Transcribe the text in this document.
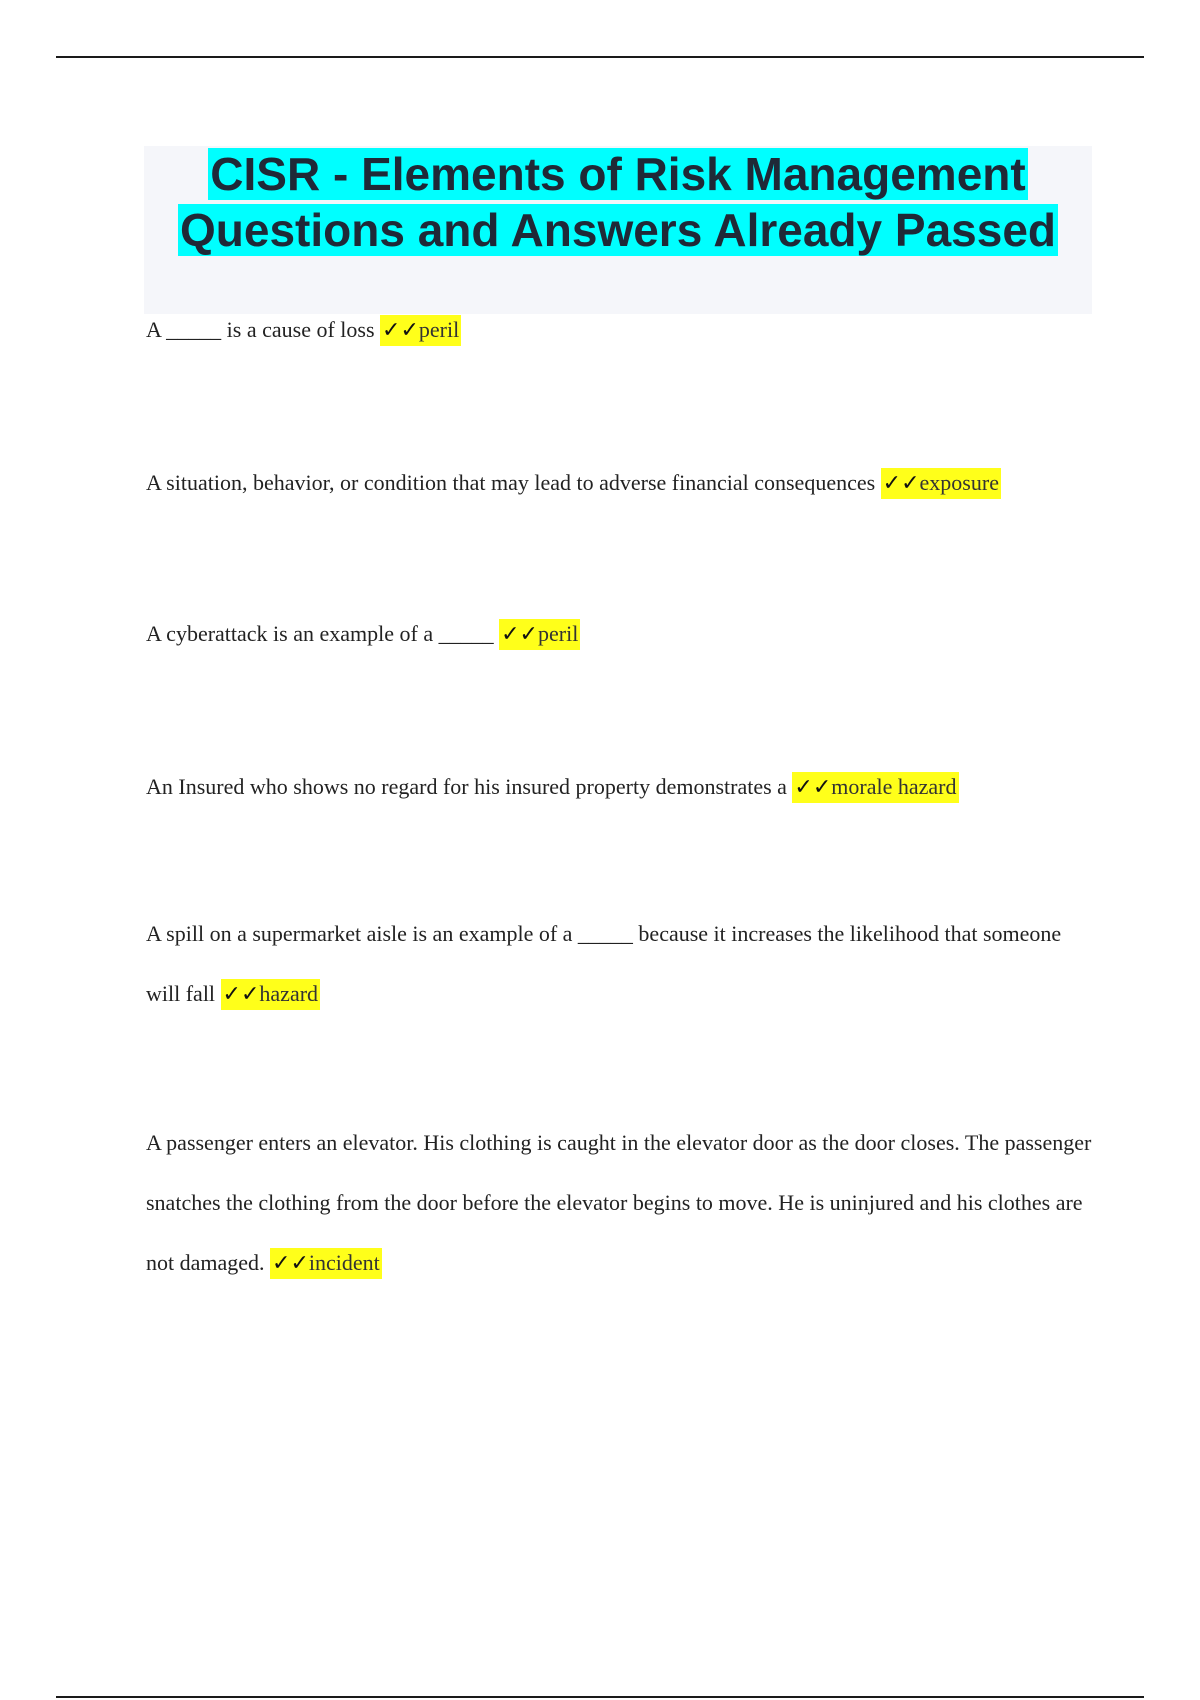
CISR - Elements of Risk Management
Questions and Answers Already Passed
A _____ is a cause of loss ✓✓peril
A situation, behavior, or condition that may lead to adverse financial consequences ✓✓exposure
A cyberattack is an example of a _____ ✓✓peril
An Insured who shows no regard for his insured property demonstrates a ✓✓morale hazard
A spill on a supermarket aisle is an example of a _____ because it increases the likelihood that someone will fall ✓✓hazard
A passenger enters an elevator. His clothing is caught in the elevator door as the door closes. The passenger snatches the clothing from the door before the elevator begins to move. He is uninjured and his clothes are not damaged. ✓✓incident
